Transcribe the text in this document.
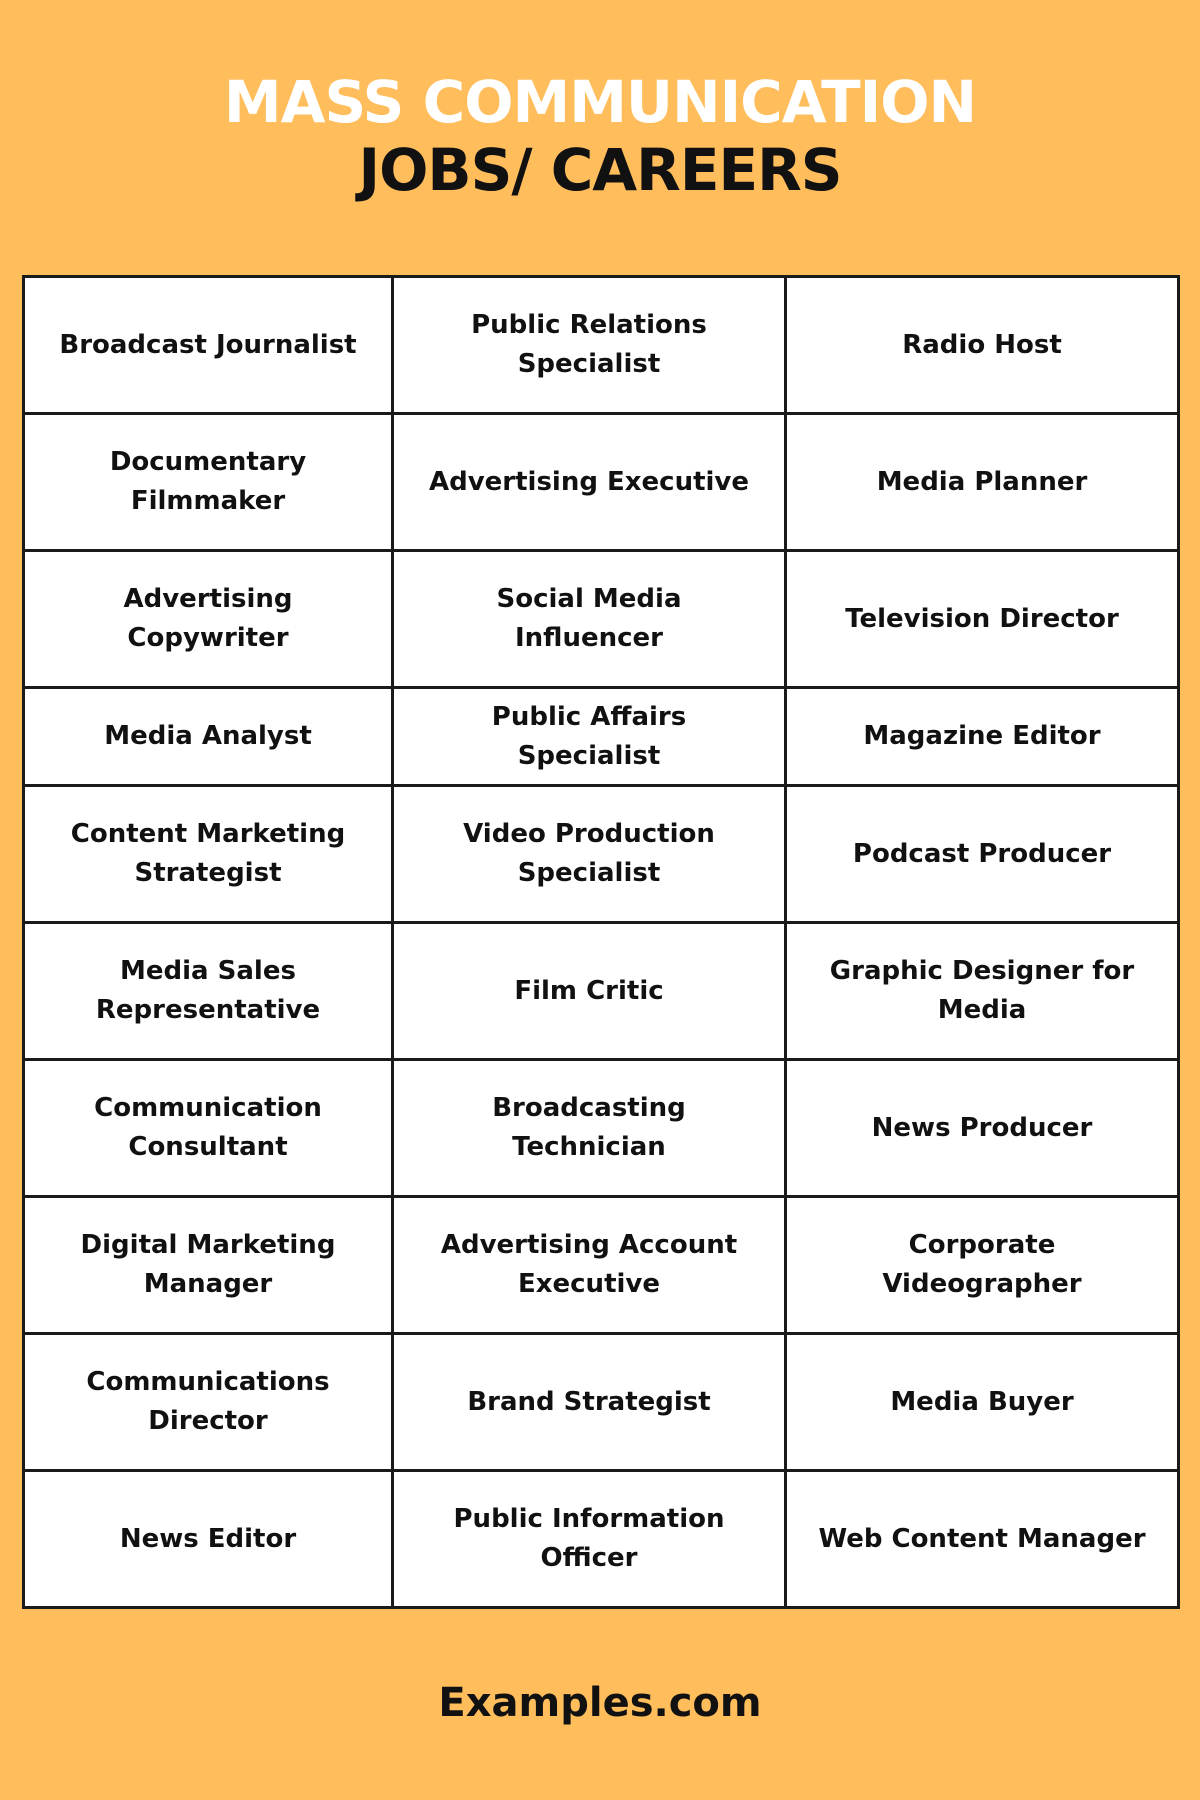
MASS COMMUNICATION
JOBS/ CAREERS
Broadcast Journalist	Public Relations Specialist	Radio Host
Documentary Filmmaker	Advertising Executive	Media Planner
Advertising Copywriter	Social Media Influencer	Television Director
Media Analyst	Public Affairs Specialist	Magazine Editor
Content Marketing Strategist	Video Production Specialist	Podcast Producer
Media Sales Representative	Film Critic	Graphic Designer for Media
Communication Consultant	Broadcasting Technician	News Producer
Digital Marketing Manager	Advertising Account Executive	Corporate Videographer
Communications Director	Brand Strategist	Media Buyer
News Editor	Public Information Officer	Web Content Manager
Examples.com
